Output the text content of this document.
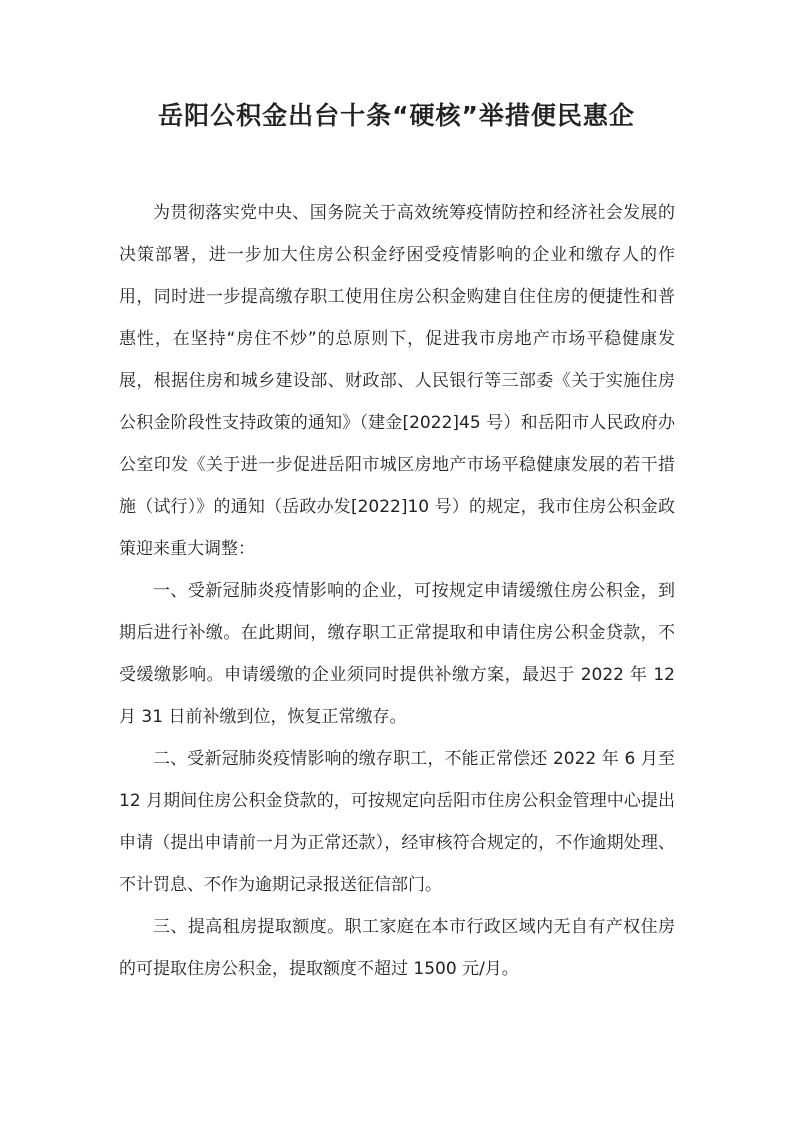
岳阳公积金出台十条“硬核”举措便民惠企

为贯彻落实党中央、国务院关于高效统筹疫情防控和经济社会发展的决策部署，进一步加大住房公积金纾困受疫情影响的企业和缴存人的作用，同时进一步提高缴存职工使用住房公积金购建自住住房的便捷性和普惠性，在坚持“房住不炒”的总原则下，促进我市房地产市场平稳健康发展，根据住房和城乡建设部、财政部、人民银行等三部委《关于实施住房公积金阶段性支持政策的通知》（建金[2022]45 号）和岳阳市人民政府办公室印发《关于进一步促进岳阳市城区房地产市场平稳健康发展的若干措施（试行）》的通知（岳政办发[2022]10 号）的规定，我市住房公积金政策迎来重大调整：

一、受新冠肺炎疫情影响的企业，可按规定申请缓缴住房公积金，到期后进行补缴。在此期间，缴存职工正常提取和申请住房公积金贷款，不受缓缴影响。申请缓缴的企业须同时提供补缴方案，最迟于 2022 年 12 月 31 日前补缴到位，恢复正常缴存。

二、受新冠肺炎疫情影响的缴存职工，不能正常偿还 2022 年 6 月至 12 月期间住房公积金贷款的，可按规定向岳阳市住房公积金管理中心提出申请（提出申请前一月为正常还款），经审核符合规定的，不作逾期处理、不计罚息、不作为逾期记录报送征信部门。

三、提高租房提取额度。职工家庭在本市行政区域内无自有产权住房的可提取住房公积金，提取额度不超过 1500 元/月。
